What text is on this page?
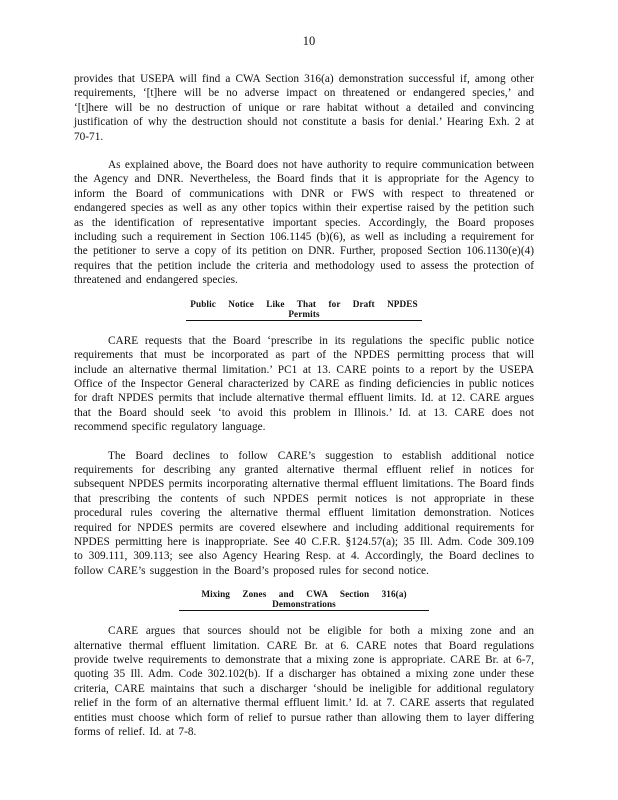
10

provides that USEPA will find a CWA Section 316(a) demonstration successful if, among other requirements, ‘[t]here will be no adverse impact on threatened or endangered species,’ and ‘[t]here will be no destruction of unique or rare habitat without a detailed and convincing justification of why the destruction should not constitute a basis for denial.’ Hearing Exh. 2 at 70-71.

As explained above, the Board does not have authority to require communication between the Agency and DNR. Nevertheless, the Board finds that it is appropriate for the Agency to inform the Board of communications with DNR or FWS with respect to threatened or endangered species as well as any other topics within their expertise raised by the petition such as the identification of representative important species. Accordingly, the Board proposes including such a requirement in Section 106.1145 (b)(6), as well as including a requirement for the petitioner to serve a copy of its petition on DNR. Further, proposed Section 106.1130(e)(4) requires that the petition include the criteria and methodology used to assess the protection of threatened and endangered species.

Public Notice Like That for Draft NPDES Permits

CARE requests that the Board ‘prescribe in its regulations the specific public notice requirements that must be incorporated as part of the NPDES permitting process that will include an alternative thermal limitation.’ PC1 at 13. CARE points to a report by the USEPA Office of the Inspector General characterized by CARE as finding deficiencies in public notices for draft NPDES permits that include alternative thermal effluent limits. Id. at 12. CARE argues that the Board should seek ‘to avoid this problem in Illinois.’ Id. at 13. CARE does not recommend specific regulatory language.

The Board declines to follow CARE’s suggestion to establish additional notice requirements for describing any granted alternative thermal effluent relief in notices for subsequent NPDES permits incorporating alternative thermal effluent limitations. The Board finds that prescribing the contents of such NPDES permit notices is not appropriate in these procedural rules covering the alternative thermal effluent limitation demonstration. Notices required for NPDES permits are covered elsewhere and including additional requirements for NPDES permitting here is inappropriate. See 40 C.F.R. §124.57(a); 35 Ill. Adm. Code 309.109 to 309.111, 309.113; see also Agency Hearing Resp. at 4. Accordingly, the Board declines to follow CARE’s suggestion in the Board’s proposed rules for second notice.

Mixing Zones and CWA Section 316(a) Demonstrations

CARE argues that sources should not be eligible for both a mixing zone and an alternative thermal effluent limitation. CARE Br. at 6. CARE notes that Board regulations provide twelve requirements to demonstrate that a mixing zone is appropriate. CARE Br. at 6-7, quoting 35 Ill. Adm. Code 302.102(b). If a discharger has obtained a mixing zone under these criteria, CARE maintains that such a discharger ‘should be ineligible for additional regulatory relief in the form of an alternative thermal effluent limit.’ Id. at 7. CARE asserts that regulated entities must choose which form of relief to pursue rather than allowing them to layer differing forms of relief. Id. at 7-8.
